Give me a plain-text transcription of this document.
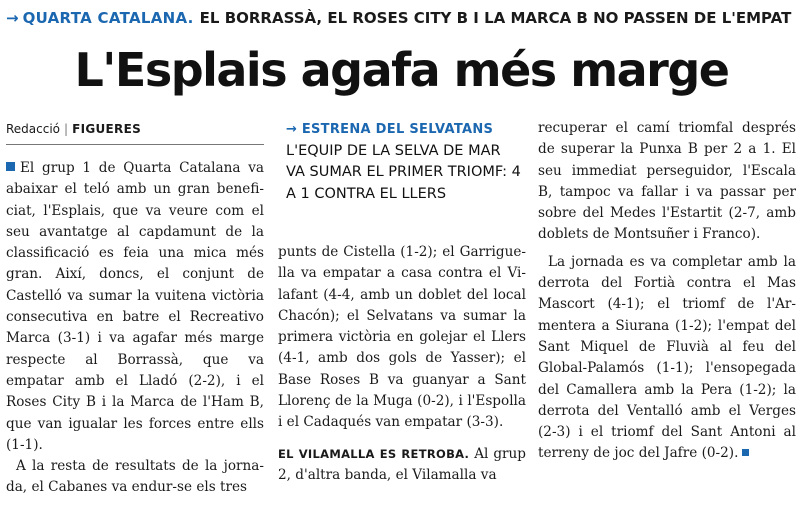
→ QUARTA CATALANA. EL BORRASSÀ, EL ROSES CITY B I LA MARCA B NO PASSEN DE L'EMPAT
L'Esplais agafa més marge
Redacció | FIGUERES

El grup 1 de Quarta Catalana va abaixar el teló amb un gran beneficiat, l'Esplais, que va veure com el seu avantatge al capdamunt de la classificació es feia una mica més gran. Així, doncs, el conjunt de Castelló va sumar la vuitena victòria consecutiva en batre el Recreativo Marca (3-1) i va agafar més marge respecte al Borrassà, que va empatar amb el Lladó (2-2), i el Roses City B i la Marca de l'Ham B, que van igualar les forces entre ells (1-1).

A la resta de resultats de la jornada, el Cabanes va endur-se els tres

→ ESTRENA DEL SELVATANS
L'EQUIP DE LA SELVA DE MAR VA SUMAR EL PRIMER TRIOMF: 4 A 1 CONTRA EL LLERS

punts de Cistella (1-2); el Garriguella va empatar a casa contra el Vilafant (4-4, amb un doblet del local Chacón); el Selvatans va sumar la primera victòria en golejar el Llers (4-1, amb dos gols de Yasser); el Base Roses B va guanyar a Sant Llorenç de la Muga (0-2), i l'Espolla i el Cadaqués van empatar (3-3).

EL VILAMALLA ES RETROBA. Al grup 2, d'altra banda, el Vilamalla va

recuperar el camí triomfal després de superar la Punxa B per 2 a 1. El seu immediat perseguidor, l'Escala B, tampoc va fallar i va passar per sobre del Medes l'Estartit (2-7, amb doblets de Montsuñer i Franco).

La jornada es va completar amb la derrota del Fortià contra el Mas Mascort (4-1); el triomf de l'Armentera a Siurana (1-2); l'empat del Sant Miquel de Fluvià al feu del Global-Palamós (1-1); l'ensopegada del Camallera amb la Pera (1-2); la derrota del Ventalló amb el Verges (2-3) i el triomf del Sant Antoni al terreny de joc del Jafre (0-2).
